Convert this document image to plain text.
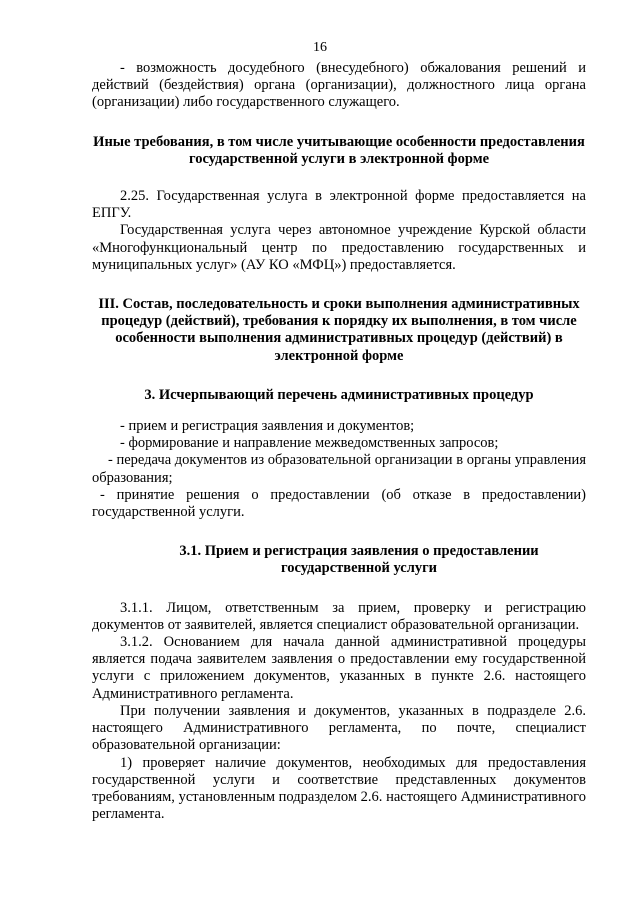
16

- возможность досудебного (внесудебного) обжалования решений и действий (бездействия) органа (организации), должностного лица органа (организации) либо государственного служащего.

Иные требования, в том числе учитывающие особенности предоставления государственной услуги в электронной форме

2.25. Государственная услуга в электронной форме предоставляется на ЕПГУ.

Государственная услуга через автономное учреждение Курской области «Многофункциональный центр по предоставлению государственных и муниципальных услуг» (АУ КО «МФЦ») предоставляется.

III. Состав, последовательность и сроки выполнения административных процедур (действий), требования к порядку их выполнения, в том числе особенности выполнения административных процедур (действий) в электронной форме

3. Исчерпывающий перечень административных процедур

- прием и регистрация заявления и документов;

- формирование и направление межведомственных запросов;

- передача документов из образовательной организации в органы управления образования;

- принятие решения о предоставлении (об отказе в предоставлении) государственной услуги.

3.1. Прием и регистрация заявления о предоставлении государственной услуги

3.1.1. Лицом, ответственным за прием, проверку и регистрацию документов от заявителей, является специалист образовательной организации.

3.1.2. Основанием для начала данной административной процедуры является подача заявителем заявления о предоставлении ему государственной услуги с приложением документов, указанных в пункте 2.6. настоящего Административного регламента.

При получении заявления и документов, указанных в подразделе 2.6. настоящего Административного регламента, по почте, специалист образовательной организации:

1) проверяет наличие документов, необходимых для предоставления государственной услуги и соответствие представленных документов требованиям, установленным подразделом 2.6. настоящего Административного регламента.
